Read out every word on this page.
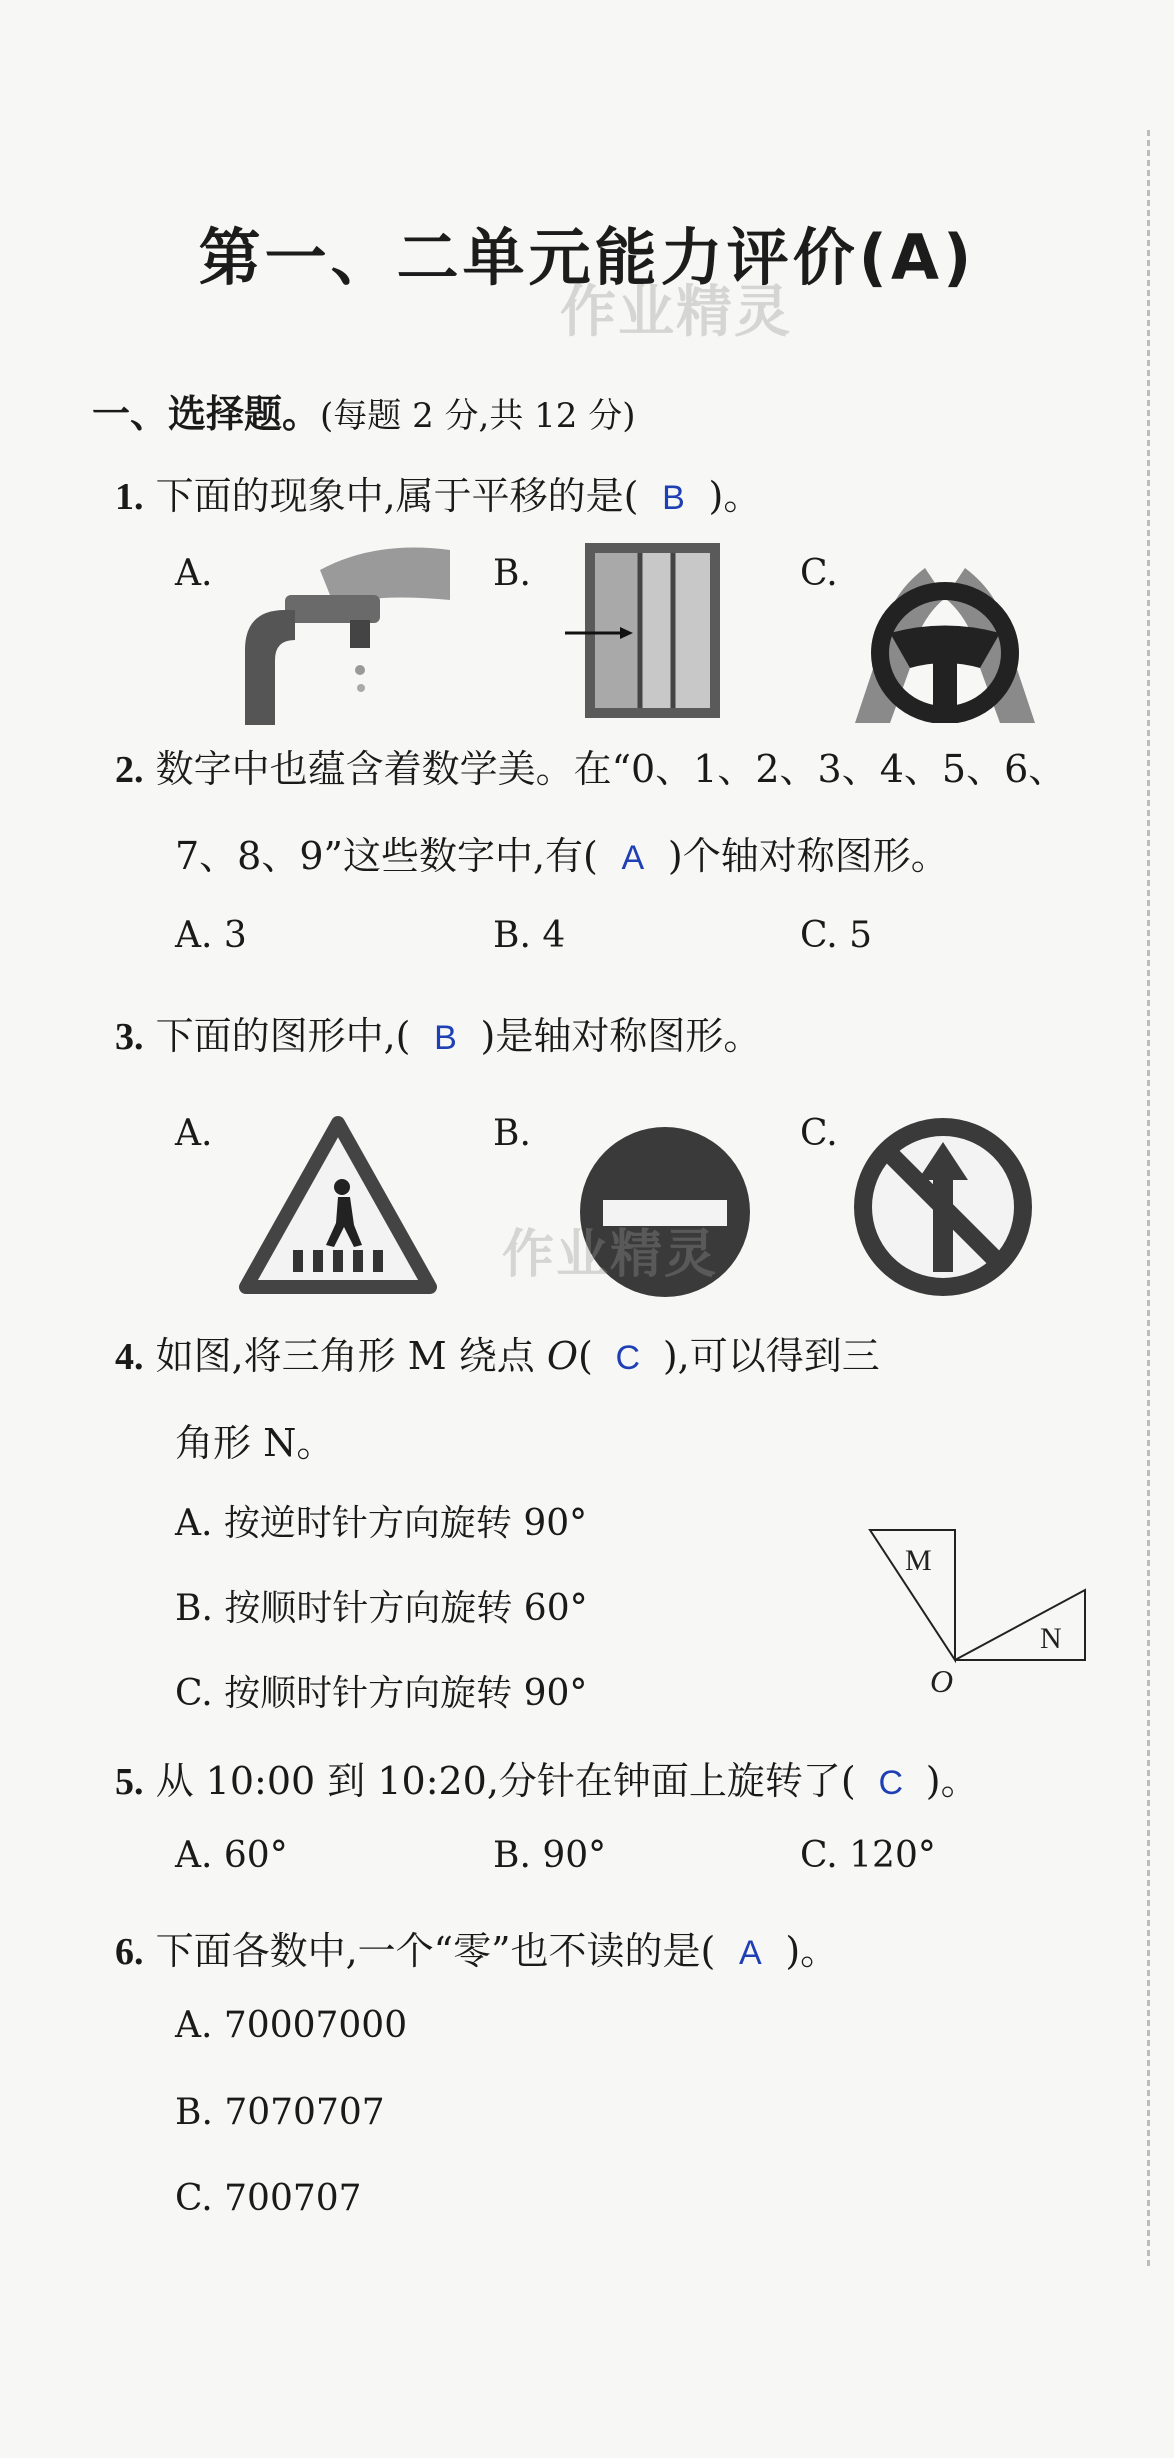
第一、二单元能力评价(A)
作业精灵
一、选择题。(每题 2 分,共 12 分)
1. 下面的现象中,属于平移的是( B )。
A.	B.	C.
2. 数字中也蕴含着数学美。在“0、1、2、3、4、5、6、
7、8、9”这些数字中,有( A )个轴对称图形。
A. 3	B. 4	C. 5
3. 下面的图形中,( B )是轴对称图形。
A.	B.	C.
作业精灵
4. 如图,将三角形 M 绕点 O( C ),可以得到三
角形 N。
A. 按逆时针方向旋转 90°
B. 按顺时针方向旋转 60°
C. 按顺时针方向旋转 90°
M
N
O
5. 从 10:00 到 10:20,分针在钟面上旋转了( C )。
A. 60°	B. 90°	C. 120°
6. 下面各数中,一个“零”也不读的是( A )。
A. 70007000
B. 7070707
C. 700707
